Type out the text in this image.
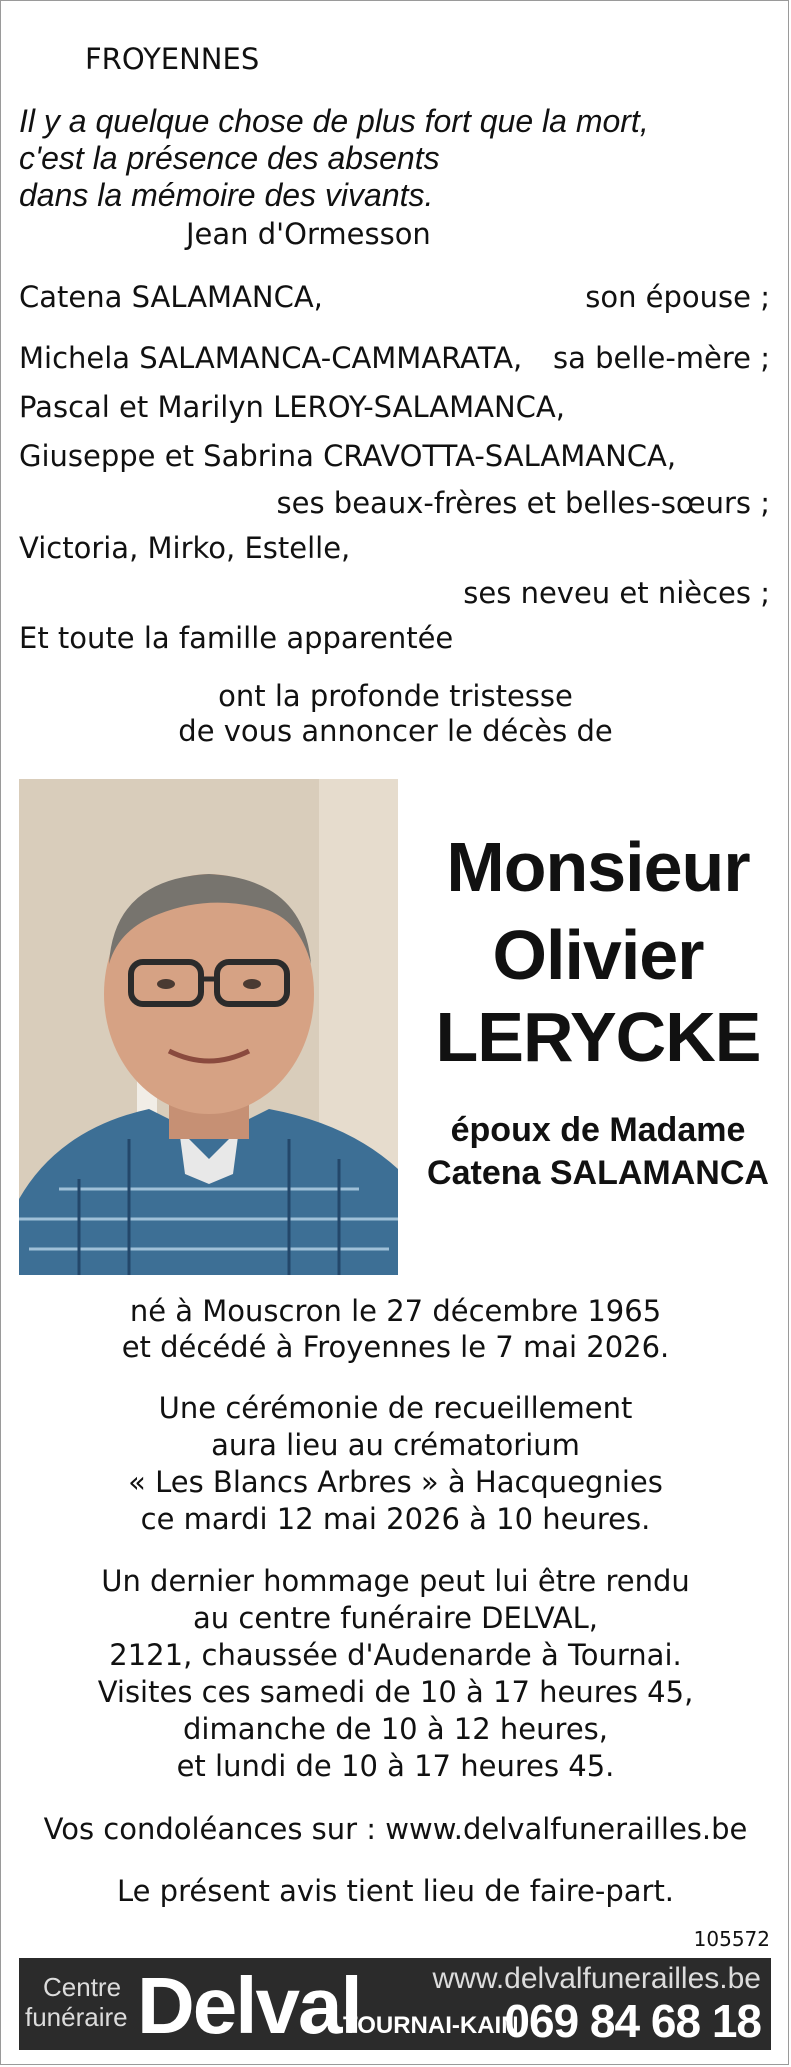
FROYENNES
Il y a quelque chose de plus fort que la mort,
c'est la présence des absents
dans la mémoire des vivants.
Jean d'Ormesson
Catena SALAMANCA,	son épouse ;
Michela SALAMANCA-CAMMARATA, sa belle-mère ;
Pascal et Marilyn LEROY-SALAMANCA,
Giuseppe et Sabrina CRAVOTTA-SALAMANCA,
ses beaux-frères et belles-sœurs ;
Victoria, Mirko, Estelle,
ses neveu et nièces ;
Et toute la famille apparentée
ont la profonde tristesse
de vous annoncer le décès de
Monsieur
Olivier
LERYCKE
époux de Madame
Catena SALAMANCA
né à Mouscron le 27 décembre 1965
et décédé à Froyennes le 7 mai 2026.
Une cérémonie de recueillement
aura lieu au crématorium
« Les Blancs Arbres » à Hacquegnies
ce mardi 12 mai 2026 à 10 heures.
Un dernier hommage peut lui être rendu
au centre funéraire DELVAL,
2121, chaussée d'Audenarde à Tournai.
Visites ces samedi de 10 à 17 heures 45,
dimanche de 10 à 12 heures,
et lundi de 10 à 17 heures 45.
Vos condoléances sur : www.delvalfunerailles.be
Le présent avis tient lieu de faire-part.
105572
Centre
funéraire Delval www.delvalfunerailles.be
TOURNAI-KAIN
069 84 68 18
